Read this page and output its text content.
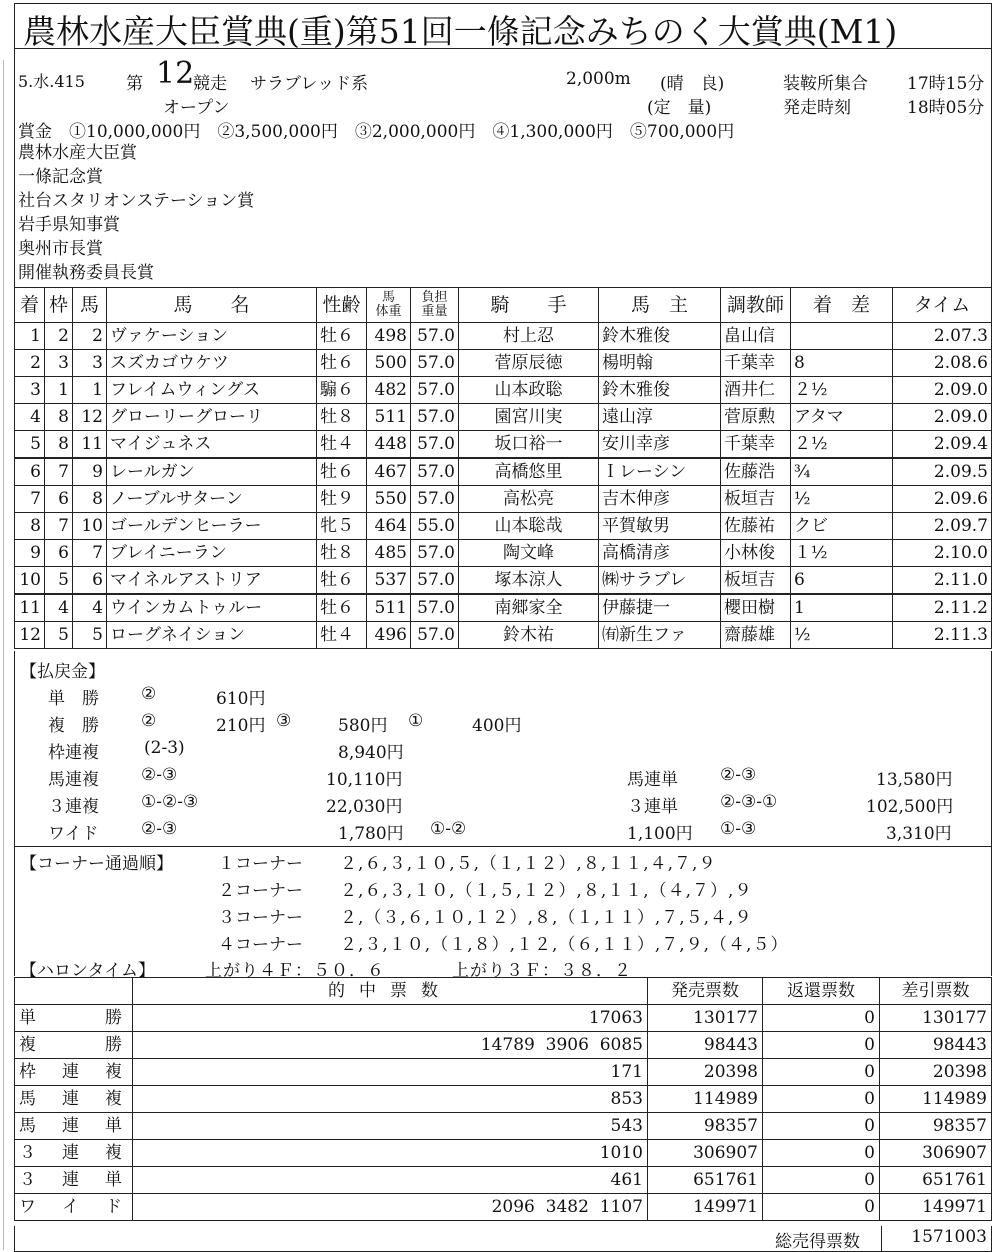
農林水産大臣賞典(重)第51回一條記念みちのく大賞典(M1)
5.水.415 第 12
競走 サラブレッド系
オープン
2,000m (晴　良)
(定　量)
装鞍所集合 17時15分
発走時刻	18時05分
賞金　①10,000,000円　②3,500,000円　③2,000,000円　④1,300,000円　⑤700,000円
農林水産大臣賞
一條記念賞
社台スタリオンステーション賞
岩手県知事賞
奥州市長賞
開催執務委員長賞
着	枠	馬	馬　　名	性齢	馬
体重	負担
重量	騎　　手	馬　主	調教師	着　差	タイム
1	2	2	ヴァケーション	牡６	498	57.0	村上忍	鈴木雅俊	畠山信		2.07.3
2	3	3	スズカゴウケツ	牡６	500	57.0	菅原辰徳	楊明翰	千葉幸	8	2.08.6
3	1	1	フレイムウィングス	騸６	482	57.0	山本政聡	鈴木雅俊	酒井仁	２½	2.09.0
4	8	12	グローリーグローリ	牡８	511	57.0	園宮川実	遠山淳	菅原勲	アタマ	2.09.0
5	8	11	マイジュネス	牡４	448	57.0	坂口裕一	安川幸彦	千葉幸	２½	2.09.4
6	7	9	レールガン	牡６	467	57.0	高橋悠里	Ｉレーシン	佐藤浩	¾	2.09.5
7	6	8	ノーブルサターン	牡９	550	57.0	高松亮	吉木伸彦	板垣吉	½	2.09.6
8	7	10	ゴールデンヒーラー	牝５	464	55.0	山本聡哉	平賀敏男	佐藤祐	クビ	2.09.7
9	6	7	ブレイニーラン	牡８	485	57.0	陶文峰	高橋清彦	小林俊	１½	2.10.0
10	5	6	マイネルアストリア	牡６	537	57.0	塚本涼人	㈱サラブレ	板垣吉	6	2.11.0
11	4	4	ウインカムトゥルー	牡６	511	57.0	南郷家全	伊藤捷一	櫻田樹	1	2.11.2
12	5	5	ローグネイション	牡４	496	57.0	鈴木祐	㈲新生ファ	齋藤雄	½	2.11.3
【払戻金】
単　勝 ②	610円
複　勝 ②	210円 ③	580円 ①	400円
枠連複	(2-3)	8,940円
馬連複 ②-③	10,110円	馬連単 ②-③	13,580円
３連複 ①-②-③	22,030円	３連単 ②-③-①	102,500円
ワイド	②-③	1,780円 ①-②	1,100円 ①-③	3,310円
【コーナー通過順】	１コーナー ２,６,３,１０,５,（１,１２）,８,１１,４,７,９
２コーナー ２,６,３,１０,（１,５,１２）,８,１１,（４,７）,９
３コーナー ２,（３,６,１０,１２）,８,（１,１１）,７,５,４,９
４コーナー ２,３,１０,（１,８）,１２,（６,１１）,７,９,（４,５）
【ハロンタイム】	上がり４Ｆ：５０．６	上がり３Ｆ：３８．２
	的中票数	発売票数	返還票数	差引票数

単 勝	17063	130177	0	130177

複 勝	14789  3906  6085	98443	0	98443

枠 連 複	171	20398	0	20398

馬 連 複	853	114989	0	114989

馬 連 単	543	98357	0	98357

３ 連 複	1010	306907	0	306907

３ 連 単	461	651761	0	651761

ワ イ ド	2096  3482  1107	149971	0	149971
総売得票数	1571003
